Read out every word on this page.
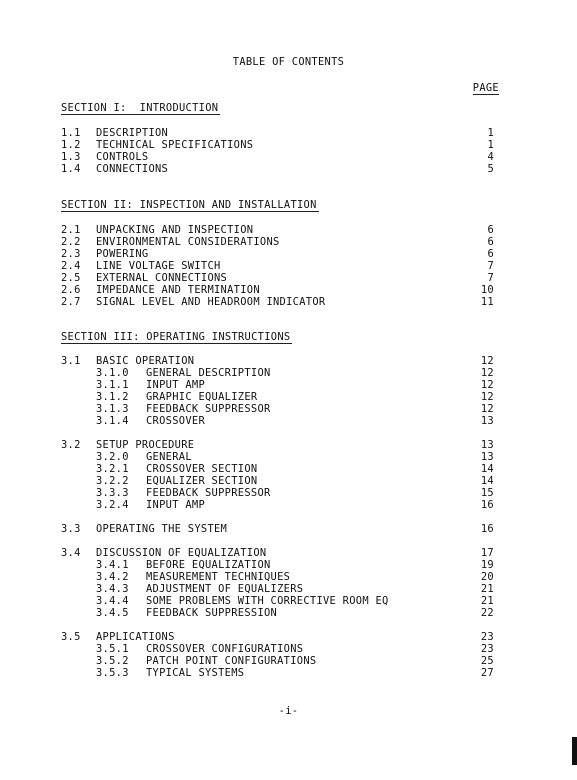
TABLE OF CONTENTS
PAGE
SECTION I:  INTRODUCTION
1.1 DESCRIPTION	1
1.2 TECHNICAL SPECIFICATIONS	1
1.3 CONTROLS	4
1.4 CONNECTIONS	5
SECTION II: INSPECTION AND INSTALLATION
2.1 UNPACKING AND INSPECTION	6
2.2 ENVIRONMENTAL CONSIDERATIONS	6
2.3 POWERING	6
2.4 LINE VOLTAGE SWITCH	7
2.5 EXTERNAL CONNECTIONS	7
2.6 IMPEDANCE AND TERMINATION	10
2.7 SIGNAL LEVEL AND HEADROOM INDICATOR	11
SECTION III: OPERATING INSTRUCTIONS
3.1 BASIC OPERATION	12
3.1.0 GENERAL DESCRIPTION	12
3.1.1 INPUT AMP	12
3.1.2 GRAPHIC EQUALIZER	12
3.1.3 FEEDBACK SUPPRESSOR	12
3.1.4 CROSSOVER	13
3.2 SETUP PROCEDURE	13
3.2.0 GENERAL	13
3.2.1 CROSSOVER SECTION	14
3.2.2 EQUALIZER SECTION	14
3.3.3 FEEDBACK SUPPRESSOR	15
3.2.4 INPUT AMP	16
3.3 OPERATING THE SYSTEM	16
3.4 DISCUSSION OF EQUALIZATION	17
3.4.1 BEFORE EQUALIZATION	19
3.4.2 MEASUREMENT TECHNIQUES	20
3.4.3 ADJUSTMENT OF EQUALIZERS	21
3.4.4 SOME PROBLEMS WITH CORRECTIVE ROOM EQ	21
3.4.5 FEEDBACK SUPPRESSION	22
3.5 APPLICATIONS	23
3.5.1 CROSSOVER CONFIGURATIONS	23
3.5.2 PATCH POINT CONFIGURATIONS	25
3.5.3 TYPICAL SYSTEMS	27
-i-
